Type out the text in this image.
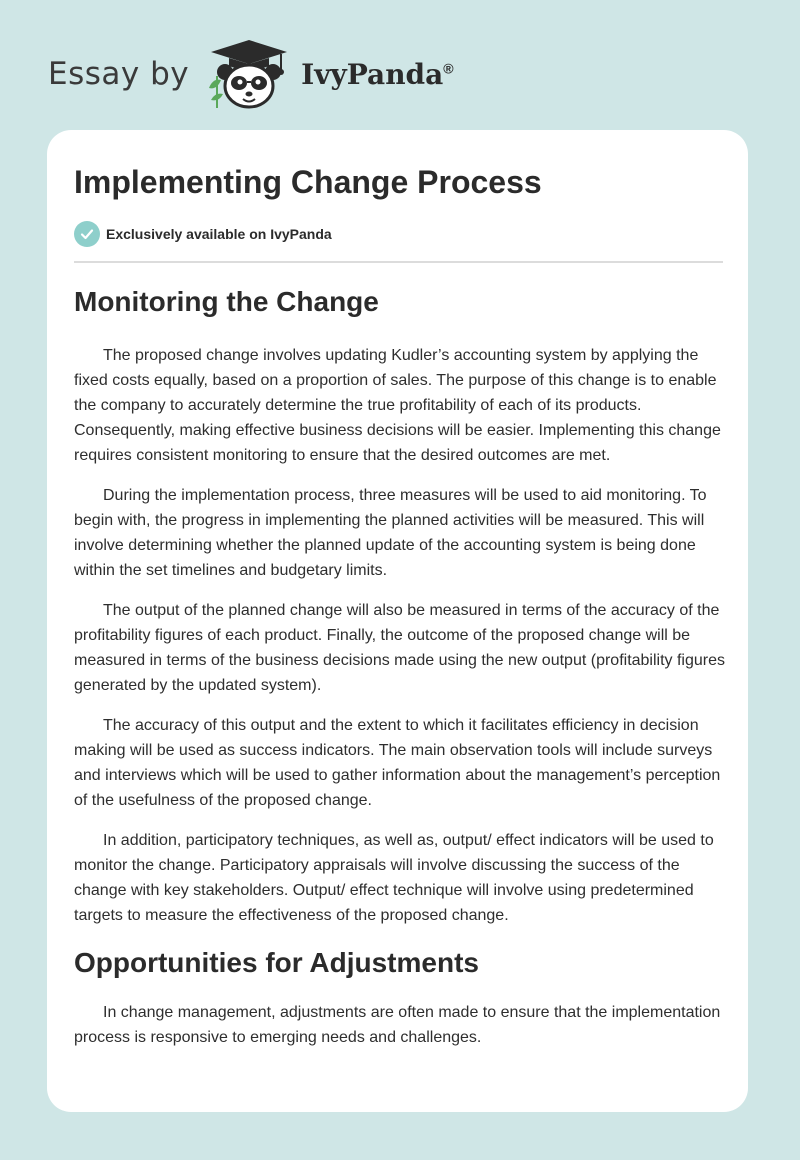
Essay by	IvyPanda®
Implementing Change Process
Exclusively available on IvyPanda
Monitoring the Change

The proposed change involves updating Kudler’s accounting system by applying the fixed costs equally, based on a proportion of sales. The purpose of this change is to enable the company to accurately determine the true profitability of each of its products. Consequently, making effective business decisions will be easier. Implementing this change requires consistent monitoring to ensure that the desired outcomes are met.

During the implementation process, three measures will be used to aid monitoring. To begin with, the progress in implementing the planned activities will be measured. This will involve determining whether the planned update of the accounting system is being done within the set timelines and budgetary limits.

The output of the planned change will also be measured in terms of the accuracy of the profitability figures of each product. Finally, the outcome of the proposed change will be measured in terms of the business decisions made using the new output (profitability figures generated by the updated system).

The accuracy of this output and the extent to which it facilitates efficiency in decision making will be used as success indicators. The main observation tools will include surveys and interviews which will be used to gather information about the management’s perception of the usefulness of the proposed change.

In addition, participatory techniques, as well as, output/ effect indicators will be used to monitor the change. Participatory appraisals will involve discussing the success of the change with key stakeholders. Output/ effect technique will involve using predetermined targets to measure the effectiveness of the proposed change.

Opportunities for Adjustments

In change management, adjustments are often made to ensure that the implementation process is responsive to emerging needs and challenges.
